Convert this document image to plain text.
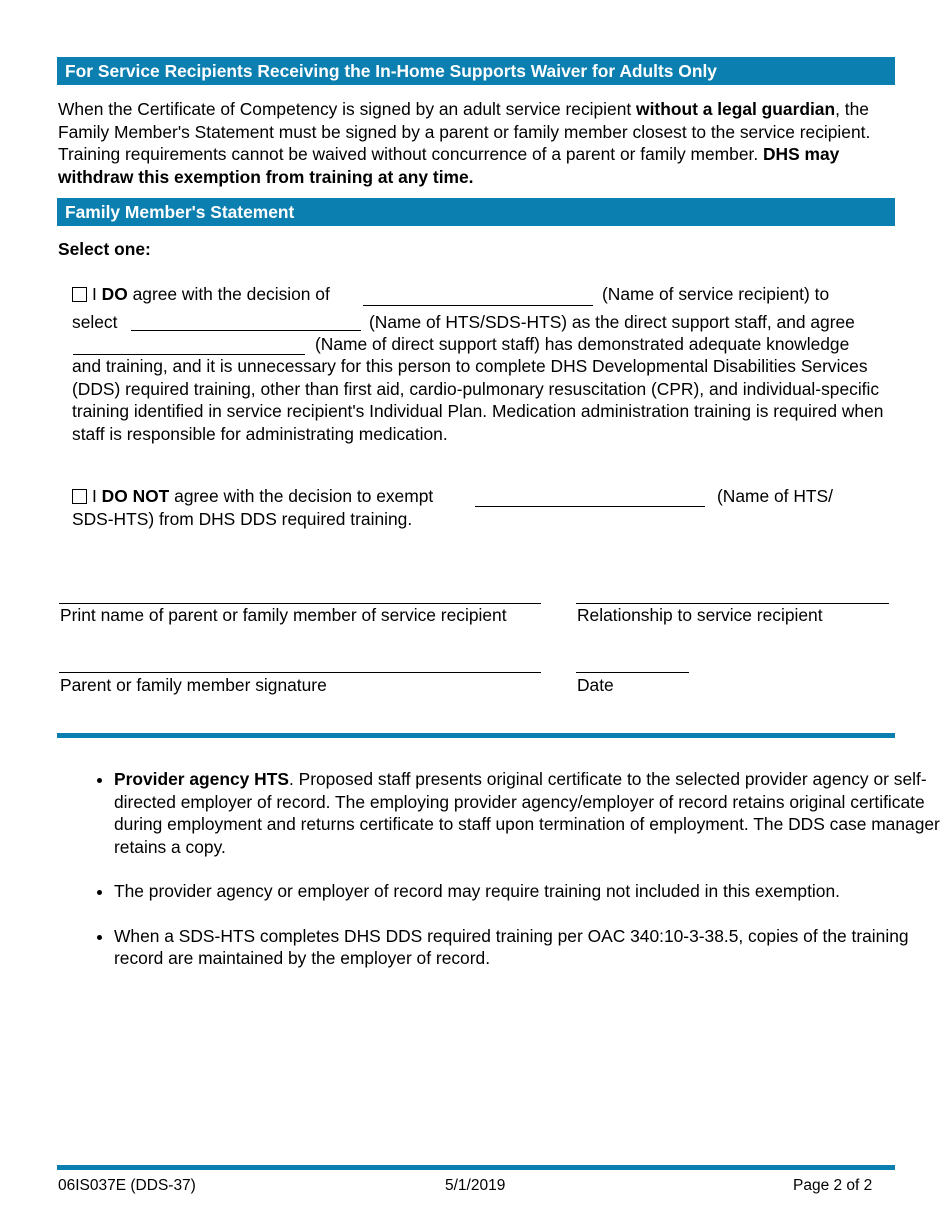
For Service Recipients Receiving the In-Home Supports Waiver for Adults Only
When the Certificate of Competency is signed by an adult service recipient without a legal guardian, the Family Member's Statement must be signed by a parent or family member closest to the service recipient. Training requirements cannot be waived without concurrence of a parent or family member. DHS may withdraw this exemption from training at any time.
Family Member's Statement
Select one:
I DO agree with the decision of	(Name of service recipient) to
select	(Name of HTS/SDS-HTS) as the direct support staff, and agree
(Name of direct support staff) has demonstrated adequate knowledge
and training, and it is unnecessary for this person to complete DHS Developmental Disabilities Services (DDS) required training, other than first aid, cardio-pulmonary resuscitation (CPR), and individual-specific training identified in service recipient's Individual Plan. Medication administration training is required when staff is responsible for administrating medication.
I DO NOT agree with the decision to exempt	(Name of HTS/
SDS-HTS) from DHS DDS required training.
Print name of parent or family member of service recipient	Relationship to service recipient
Parent or family member signature	Date
• Provider agency HTS. Proposed staff presents original certificate to the selected provider agency or self-directed employer of record. The employing provider agency/employer of record retains original certificate during employment and returns certificate to staff upon termination of employment. The DDS case manager retains a copy.
• The provider agency or employer of record may require training not included in this exemption.
• When a SDS-HTS completes DHS DDS required training per OAC 340:10-3-38.5, copies of the training record are maintained by the employer of record.
06IS037E (DDS-37)	5/1/2019	Page 2 of 2
